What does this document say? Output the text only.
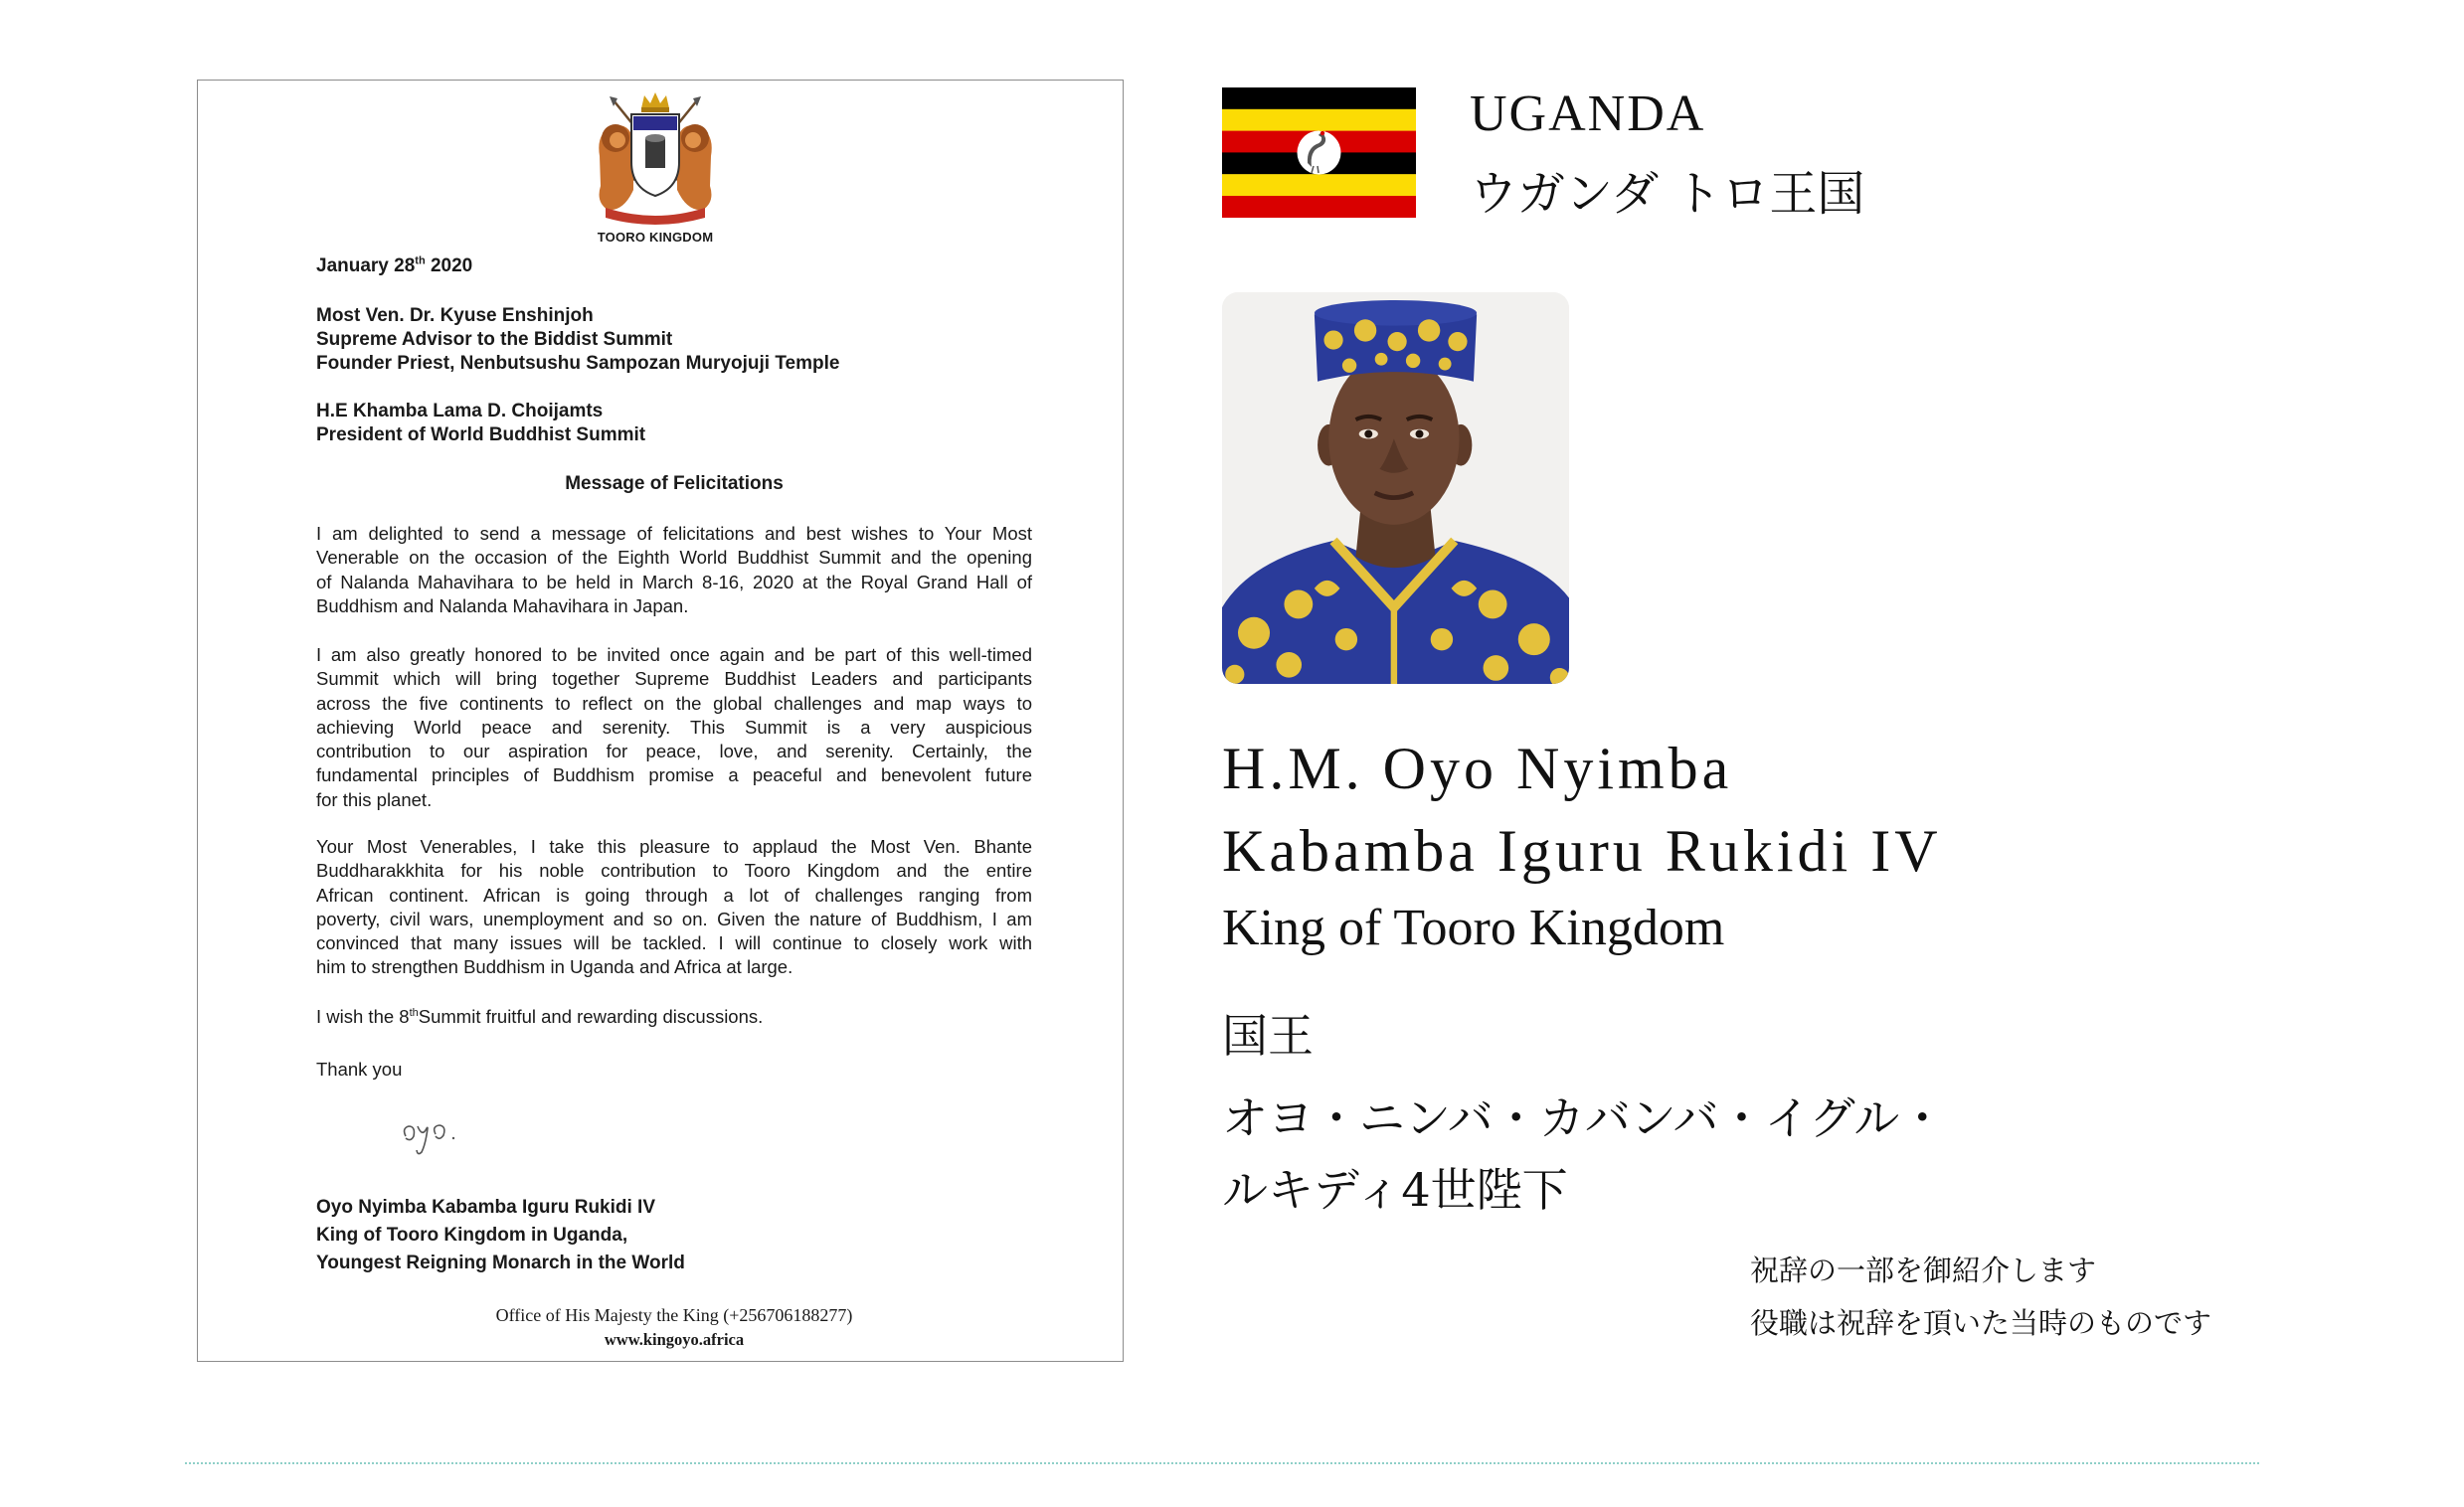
TOORO KINGDOM
January 28th 2020
Most Ven. Dr. Kyuse Enshinjoh
Supreme Advisor to the Biddist Summit
Founder Priest, Nenbutsushu Sampozan Muryojuji Temple
H.E Khamba Lama D. Choijamts
President of World Buddhist Summit
Message of Felicitations
I am delighted to send a message of felicitations and best wishes to Your Most
Venerable on the occasion of the Eighth World Buddhist Summit and the opening
of Nalanda Mahavihara to be held in March 8-16, 2020 at the Royal Grand Hall of
Buddhism and Nalanda Mahavihara in Japan.
I am also greatly honored to be invited once again and be part of this well-timed
Summit which will bring together Supreme Buddhist Leaders and participants
across the five continents to reflect on the global challenges and map ways to
achieving World peace and serenity. This Summit is a very auspicious
contribution to our aspiration for peace, love, and serenity. Certainly, the
fundamental principles of Buddhism promise a peaceful and benevolent future
for this planet.
Your Most Venerables, I take this pleasure to applaud the Most Ven. Bhante
Buddharakkhita for his noble contribution to Tooro Kingdom and the entire
African continent. African is going through a lot of challenges ranging from
poverty, civil wars, unemployment and so on. Given the nature of Buddhism, I am
convinced that many issues will be tackled. I will continue to closely work with
him to strengthen Buddhism in Uganda and Africa at large.
I wish the 8thSummit fruitful and rewarding discussions.
Thank you
Oyo Nyimba Kabamba Iguru Rukidi IV
King of Tooro Kingdom in Uganda,
Youngest Reigning Monarch in the World
Office of His Majesty the King (+256706188277)
www.kingoyo.africa
UGANDA
ウガンダ トロ王国
H.M. Oyo Nyimba
Kabamba Iguru Rukidi IV
King of Tooro Kingdom
国王
オヨ・ニンバ・カバンバ・イグル・
ルキディ4世陛下
祝辞の一部を御紹介します
役職は祝辞を頂いた当時のものです
